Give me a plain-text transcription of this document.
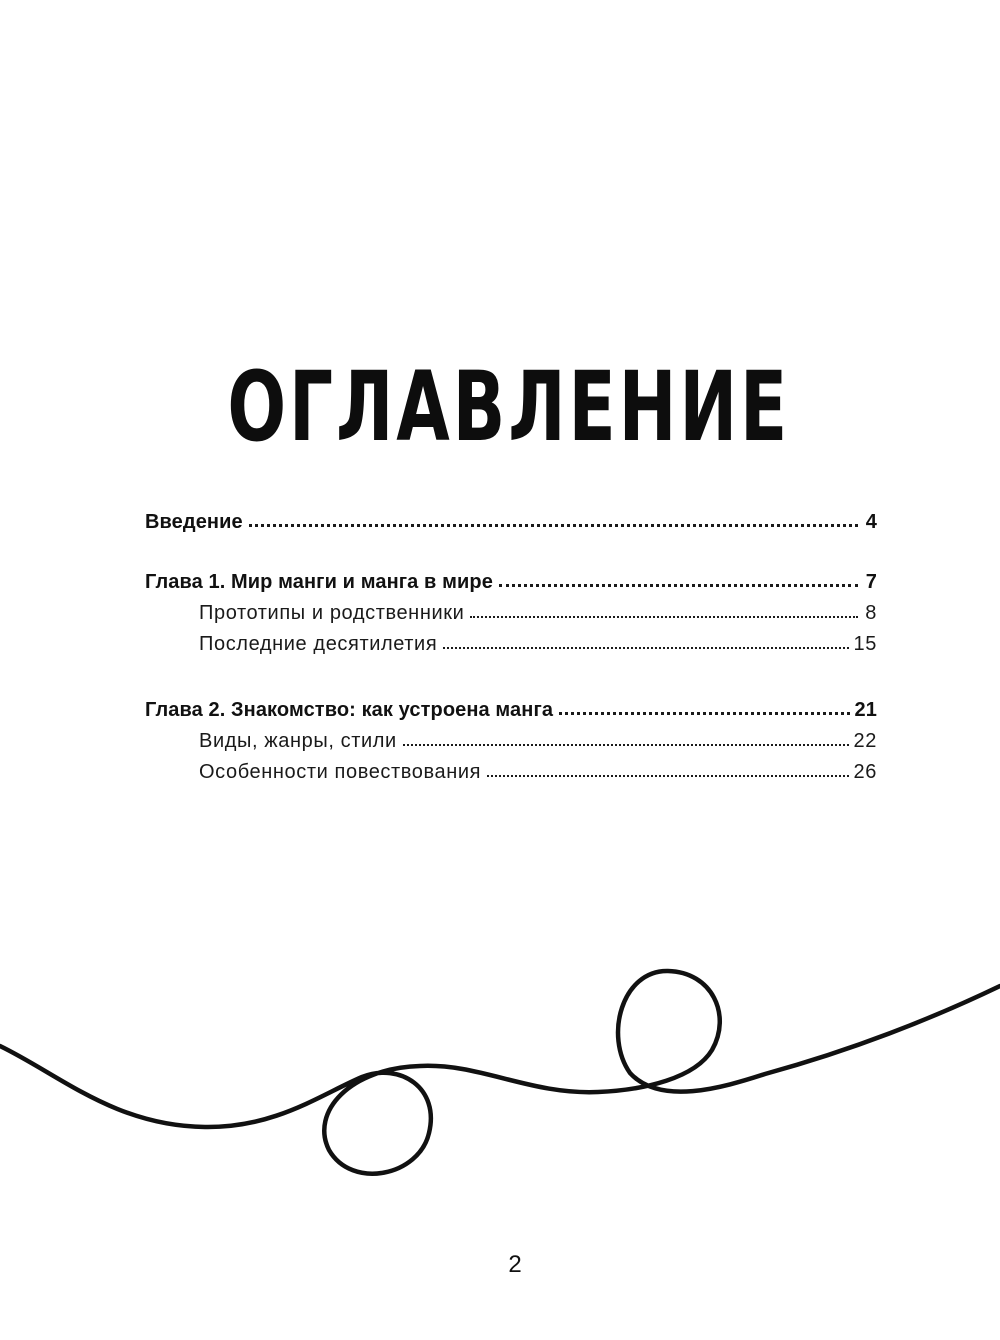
ОГЛАВЛЕНИЕ
Введение	4
Глава 1. Мир манги и манга в мире	7
Прототипы и родственники	8
Последние десятилетия	15
Глава 2. Знакомство: как устроена манга	21
Виды, жанры, стили	22
Особенности повествования	26
2
